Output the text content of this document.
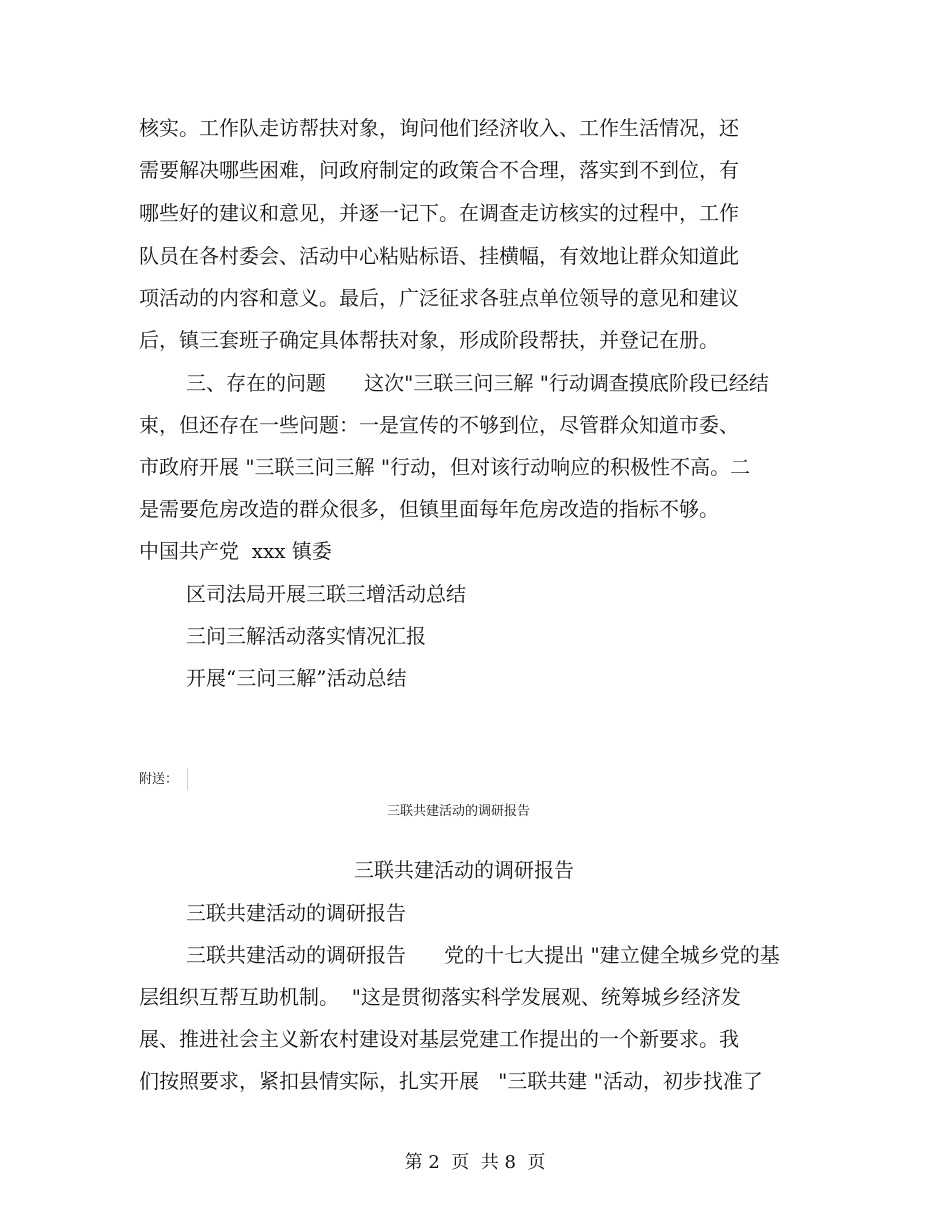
核实。工作队走访帮扶对象，询问他们经济收入、工作生活情况，还
需要解决哪些困难，问政府制定的政策合不合理，落实到不到位，有
哪些好的建议和意见，并逐一记下。在调查走访核实的过程中，工作
队员在各村委会、活动中心粘贴标语、挂横幅，有效地让群众知道此
项活动的内容和意义。最后，广泛征求各驻点单位领导的意见和建议
后，镇三套班子确定具体帮扶对象，形成阶段帮扶，并登记在册。
三、存在的问题      这次"三联三问三解 "行动调查摸底阶段已经结
束，但还存在一些问题：一是宣传的不够到位，尽管群众知道市委、
市政府开展 "三联三问三解 "行动，但对该行动响应的积极性不高。二
是需要危房改造的群众很多，但镇里面每年危房改造的指标不够。
中国共产党  xxx 镇委
区司法局开展三联三增活动总结
三问三解活动落实情况汇报
开展“三问三解”活动总结
附送：
三联共建活动的调研报告
三联共建活动的调研报告
三联共建活动的调研报告
三联共建活动的调研报告      党的十七大提出 "建立健全城乡党的基
层组织互帮互助机制。  "这是贯彻落实科学发展观、统筹城乡经济发
展、推进社会主义新农村建设对基层党建工作提出的一个新要求。我
们按照要求，紧扣县情实际，扎实开展   "三联共建 "活动，初步找准了
第 2  页  共 8  页
